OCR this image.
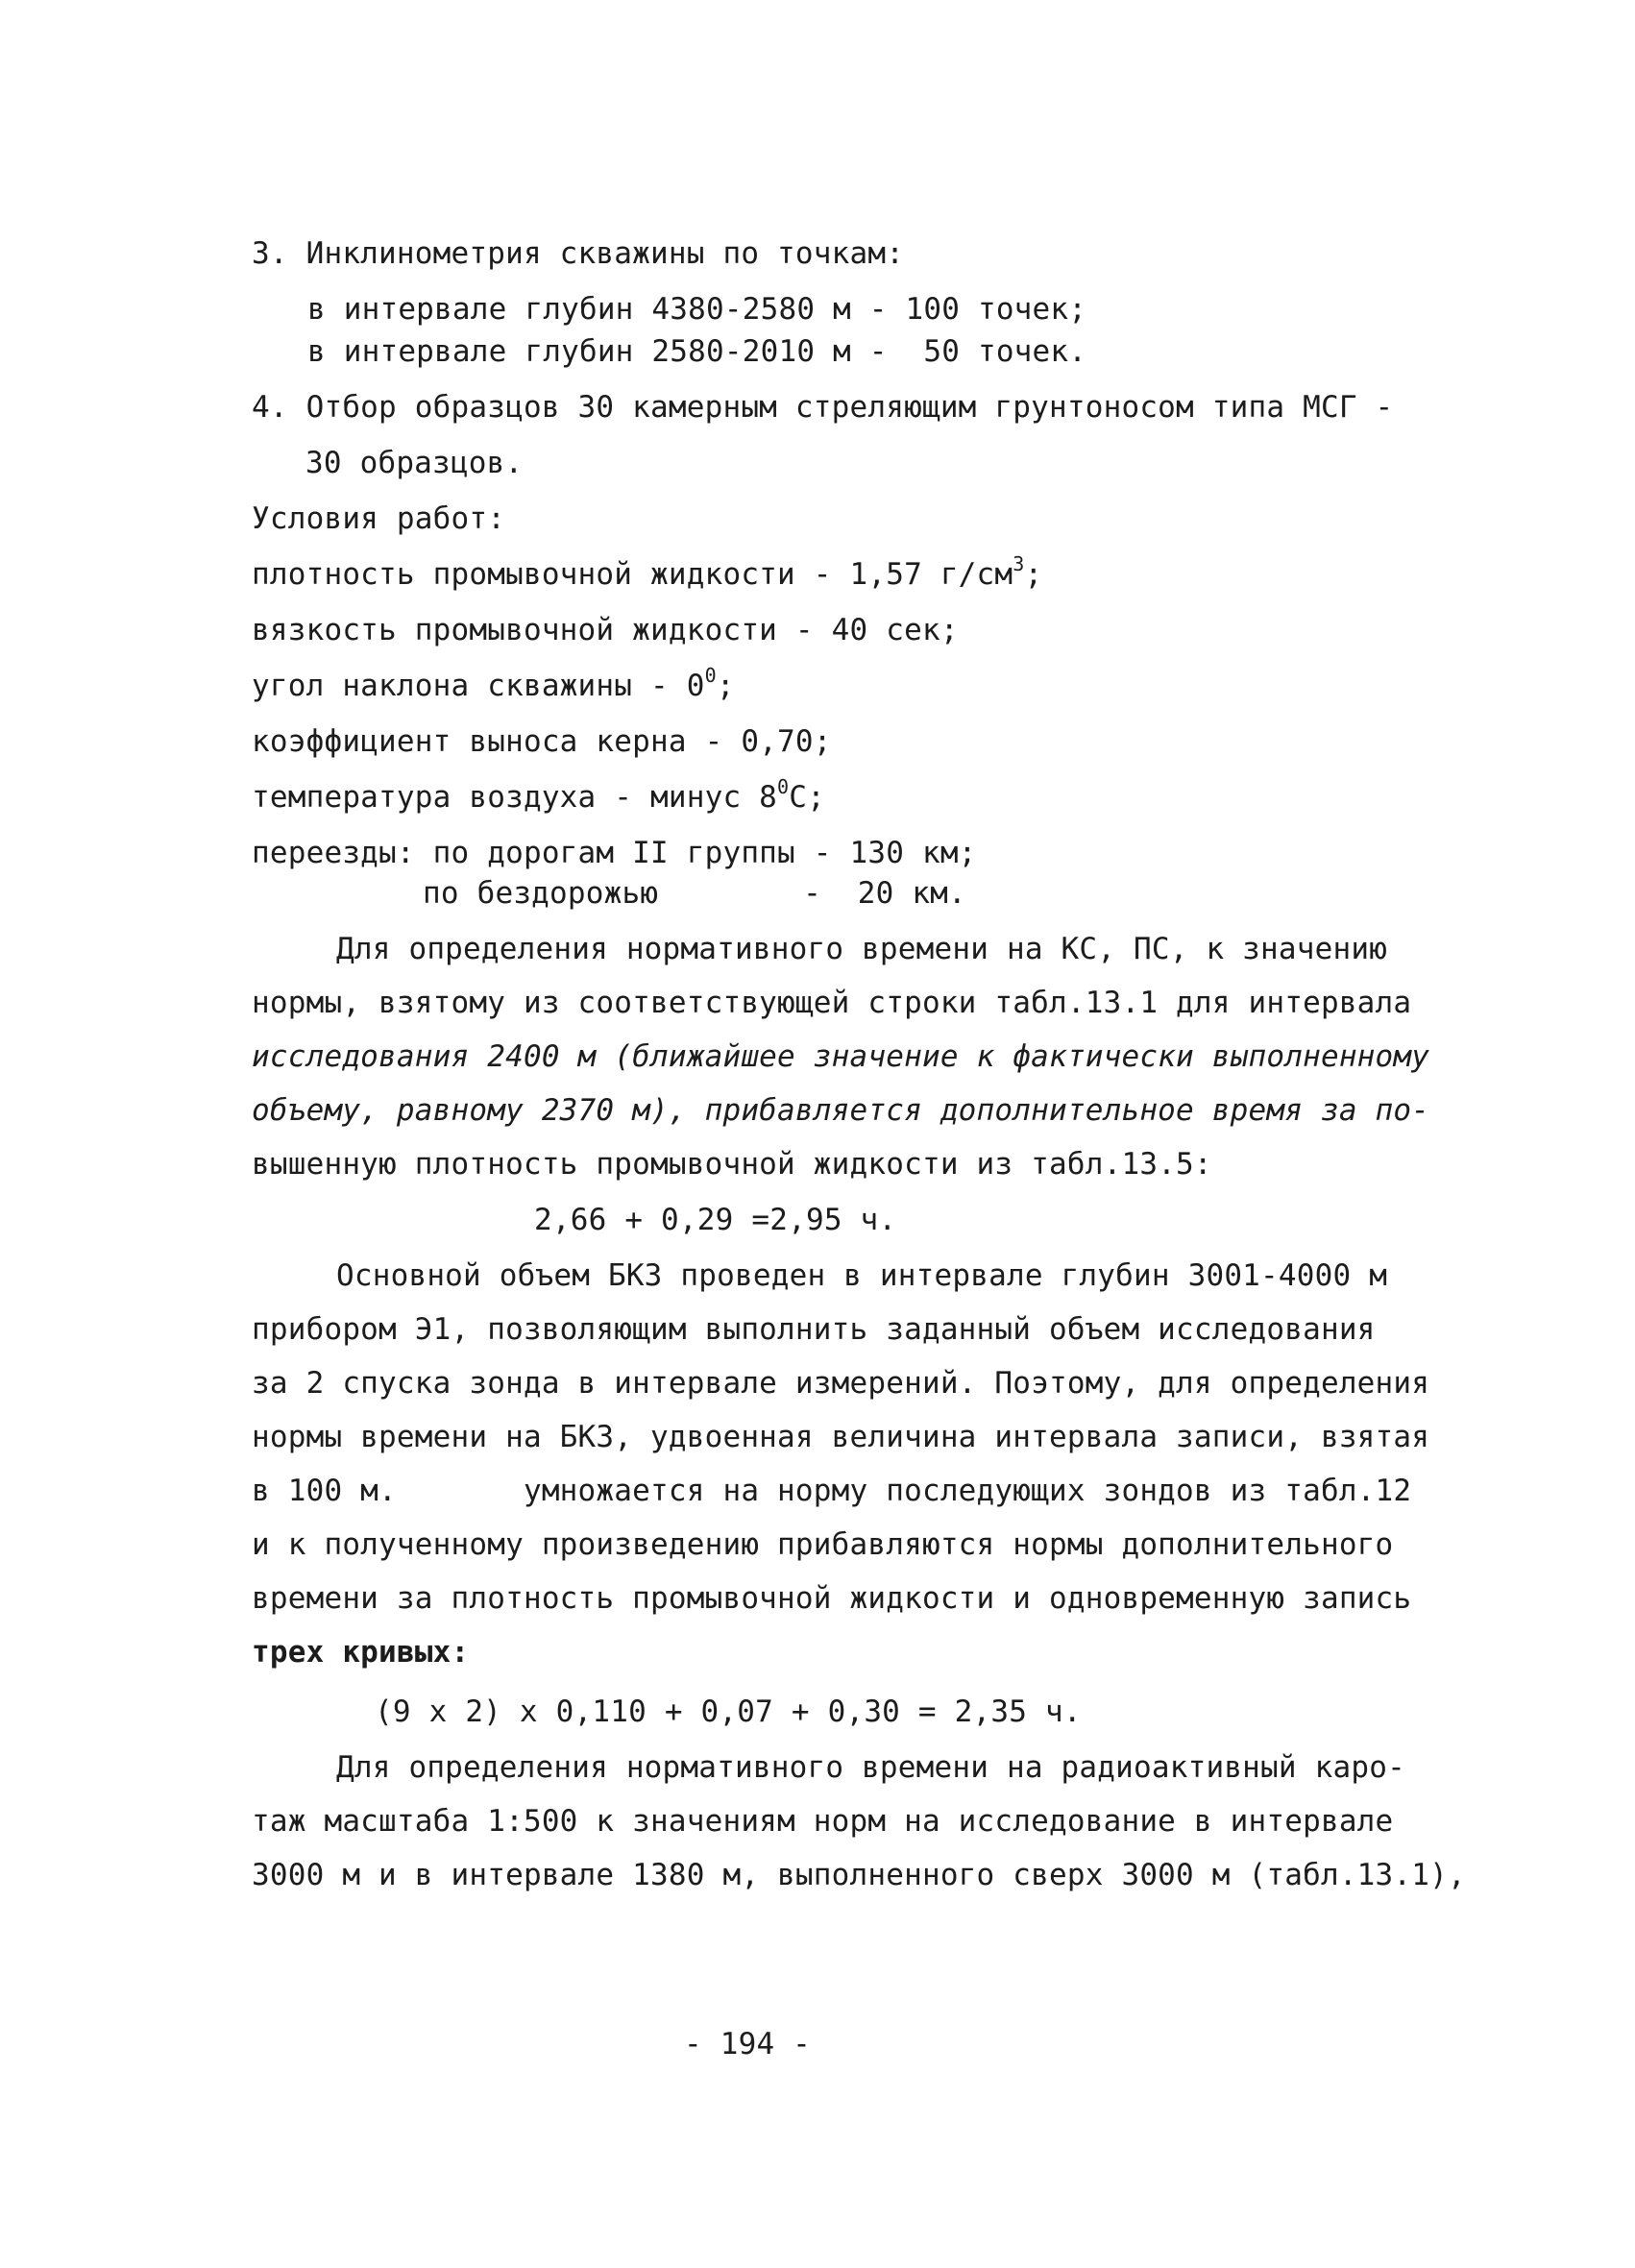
3. Инклинометрия скважины по точкам:
в интервале глубин 4380-2580 м - 100 точек;
в интервале глубин 2580-2010 м -  50 точек.
4. Отбор образцов 30 камерным стреляющим грунтоносом типа МСГ -
30 образцов.
Условия работ:
плотность промывочной жидкости - 1,57 $г/см^3$;
вязкость промывочной жидкости - 40 сек;
угол наклона скважины - $0^0$;
коэффициент выноса керна - 0,70;
температура воздуха - минус $8^0С$;
переезды: по дорогам II группы - 130 км;
по бездорожью        -  20 км.
Для определения нормативного времени на КС, ПС, к значению
нормы, взятому из соответствующей строки табл.13.1 для интервала
исследования 2400 м (ближайшее значение к фактически выполненному
объему, равному 2370 м), прибавляется дополнительное время за по-
вышенную плотность промывочной жидкости из табл.13.5:
2,66 + 0,29 =2,95 ч.
Основной объем БКЗ проведен в интервале глубин 3001-4000 м
прибором Э1, позволяющим выполнить заданный объем исследования
за 2 спуска зонда в интервале измерений. Поэтому, для определения
нормы времени на БКЗ, удвоенная величина интервала записи, взятая
в 100 м.       умножается на норму последующих зондов из табл.12
и к полученному произведению прибавляются нормы дополнительного
времени за плотность промывочной жидкости и одновременную запись
трех кривых:
(9 х 2) х 0,110 + 0,07 + 0,30 = 2,35 ч.
Для определения нормативного времени на радиоактивный каро-
таж масштаба 1:500 к значениям норм на исследование в интервале
3000 м и в интервале 1380 м, выполненного сверх 3000 м (табл.13.1),
- 194 -
